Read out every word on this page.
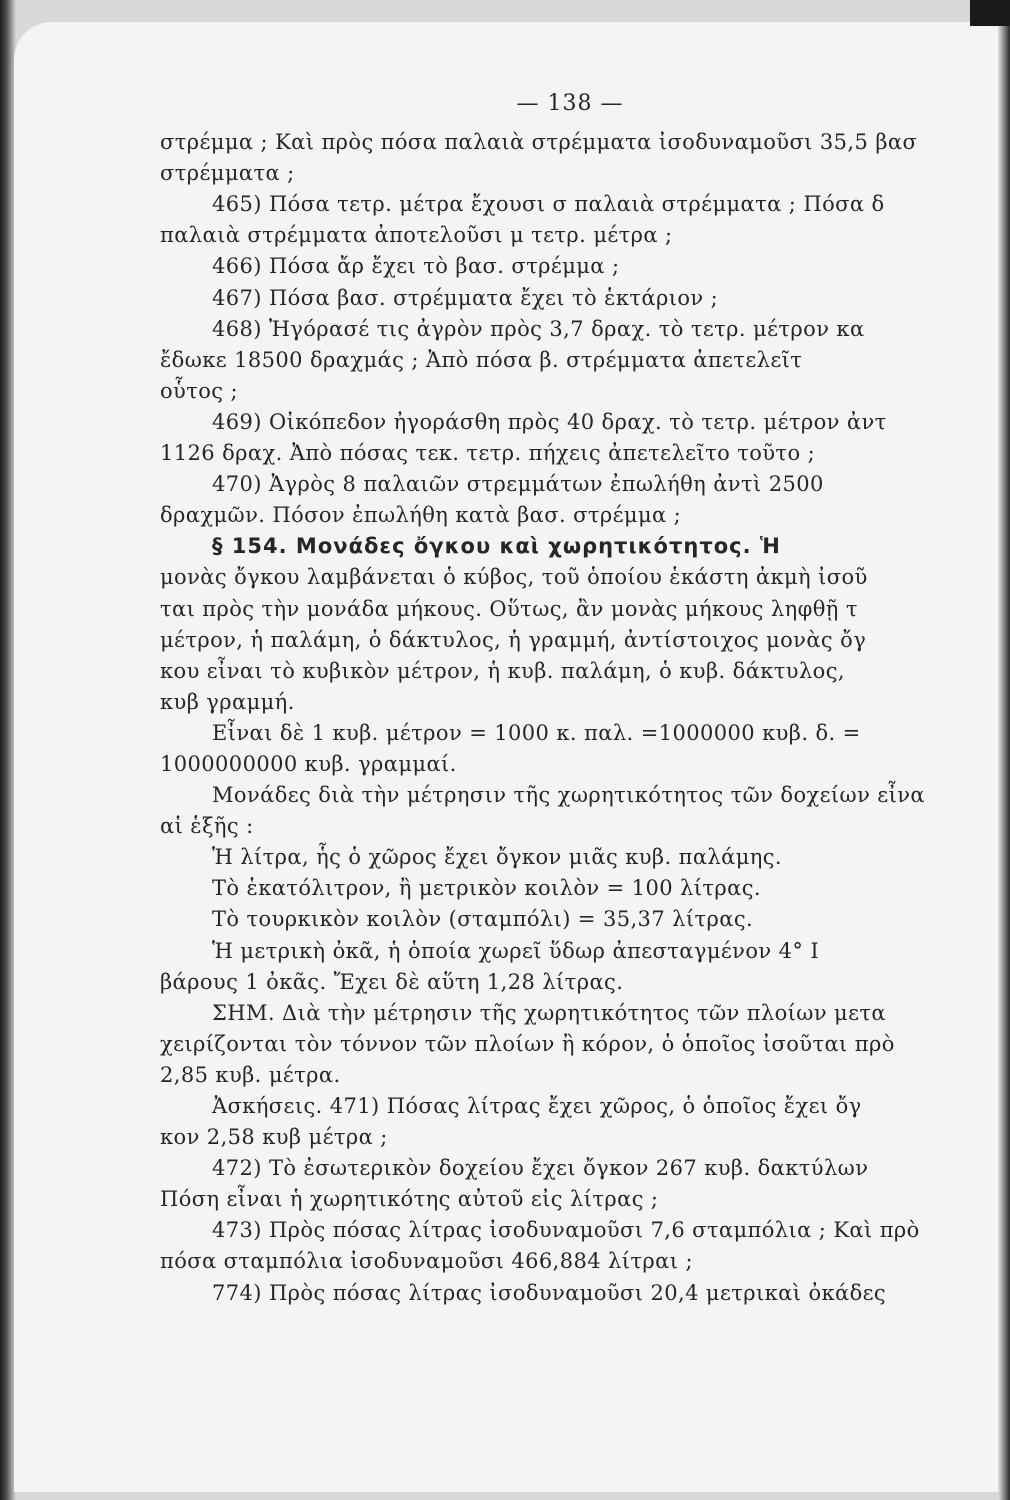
— 138 —
στρέμμα ; Καὶ πρὸς πόσα παλαιὰ στρέμματα ἰσοδυναμοῦσι 35,5 βασ
στρέμματα ;
465) Πόσα τετρ. μέτρα ἔχουσι σ παλαιὰ στρέμματα ; Πόσα δ
παλαιὰ στρέμματα ἀποτελοῦσι μ τετρ. μέτρα ;
466) Πόσα ἄρ ἔχει τὸ βασ. στρέμμα ;
467) Πόσα βασ. στρέμματα ἔχει τὸ ἑκτάριον ;
468) Ἠγόρασέ τις ἀγρὸν πρὸς 3,7 δραχ. τὸ τετρ. μέτρον κα
ἔδωκε 18500 δραχμάς ; Ἀπὸ πόσα β. στρέμματα ἀπετελεῖτ
οὗτος ;
469) Οἰκόπεδον ἠγοράσθη πρὸς 40 δραχ. τὸ τετρ. μέτρον ἀντ
1126 δραχ. Ἀπὸ πόσας τεκ. τετρ. πήχεις ἀπετελεῖτο τοῦτο ;
470) Ἀγρὸς 8 παλαιῶν στρεμμάτων ἐπωλήθη ἀντὶ 2500
δραχμῶν. Πόσον ἐπωλήθη κατὰ βασ. στρέμμα ;
§ 154. Μονάδες ὄγκου καὶ χωρητικότητος. Ἡ
μονὰς ὄγκου λαμβάνεται ὁ κύβος, τοῦ ὁποίου ἑκάστη ἀκμὴ ἰσοῦ
ται πρὸς τὴν μονάδα μήκους. Οὕτως, ἂν μονὰς μήκους ληφθῇ τ
μέτρον, ἡ παλάμη, ὁ δάκτυλος, ἡ γραμμή, ἀντίστοιχος μονὰς ὄγ
κου εἶναι τὸ κυβικὸν μέτρον, ἡ κυβ. παλάμη, ὁ κυβ. δάκτυλος,
κυβ γραμμή.
Εἶναι δὲ 1 κυβ. μέτρον = 1000 κ. παλ. =1000000 κυβ. δ. =
1000000000 κυβ. γραμμαί.
Μονάδες διὰ τὴν μέτρησιν τῆς χωρητικότητος τῶν δοχείων εἶνα
αἱ ἑξῆς :
Ἡ λίτρα, ἧς ὁ χῶρος ἔχει ὄγκον μιᾶς κυβ. παλάμης.
Τὸ ἑκατόλιτρον, ἢ μετρικὸν κοιλὸν = 100 λίτρας.
Τὸ τουρκικὸν κοιλὸν (σταμπόλι) = 35,37 λίτρας.
Ἡ μετρικὴ ὀκᾶ, ἡ ὁποία χωρεῖ ὕδωρ ἀπεσταγμένον 4° Ι
βάρους 1 ὀκᾶς. Ἔχει δὲ αὕτη 1,28 λίτρας.
ΣΗΜ. Διὰ τὴν μέτρησιν τῆς χωρητικότητος τῶν πλοίων μετα
χειρίζονται τὸν τόννον τῶν πλοίων ἢ κόρον, ὁ ὁποῖος ἰσοῦται πρὸ
2,85 κυβ. μέτρα.
Ἀσκήσεις. 471) Πόσας λίτρας ἔχει χῶρος, ὁ ὁποῖος ἔχει ὄγ
κον 2,58 κυβ μέτρα ;
472) Τὸ ἐσωτερικὸν δοχείου ἔχει ὄγκον 267 κυβ. δακτύλων
Πόση εἶναι ἡ χωρητικότης αὐτοῦ εἰς λίτρας ;
473) Πρὸς πόσας λίτρας ἰσοδυναμοῦσι 7,6 σταμπόλια ; Καὶ πρὸ
πόσα σταμπόλια ἰσοδυναμοῦσι 466,884 λίτραι ;
774) Πρὸς πόσας λίτρας ἰσοδυναμοῦσι 20,4 μετρικαὶ ὀκάδες
